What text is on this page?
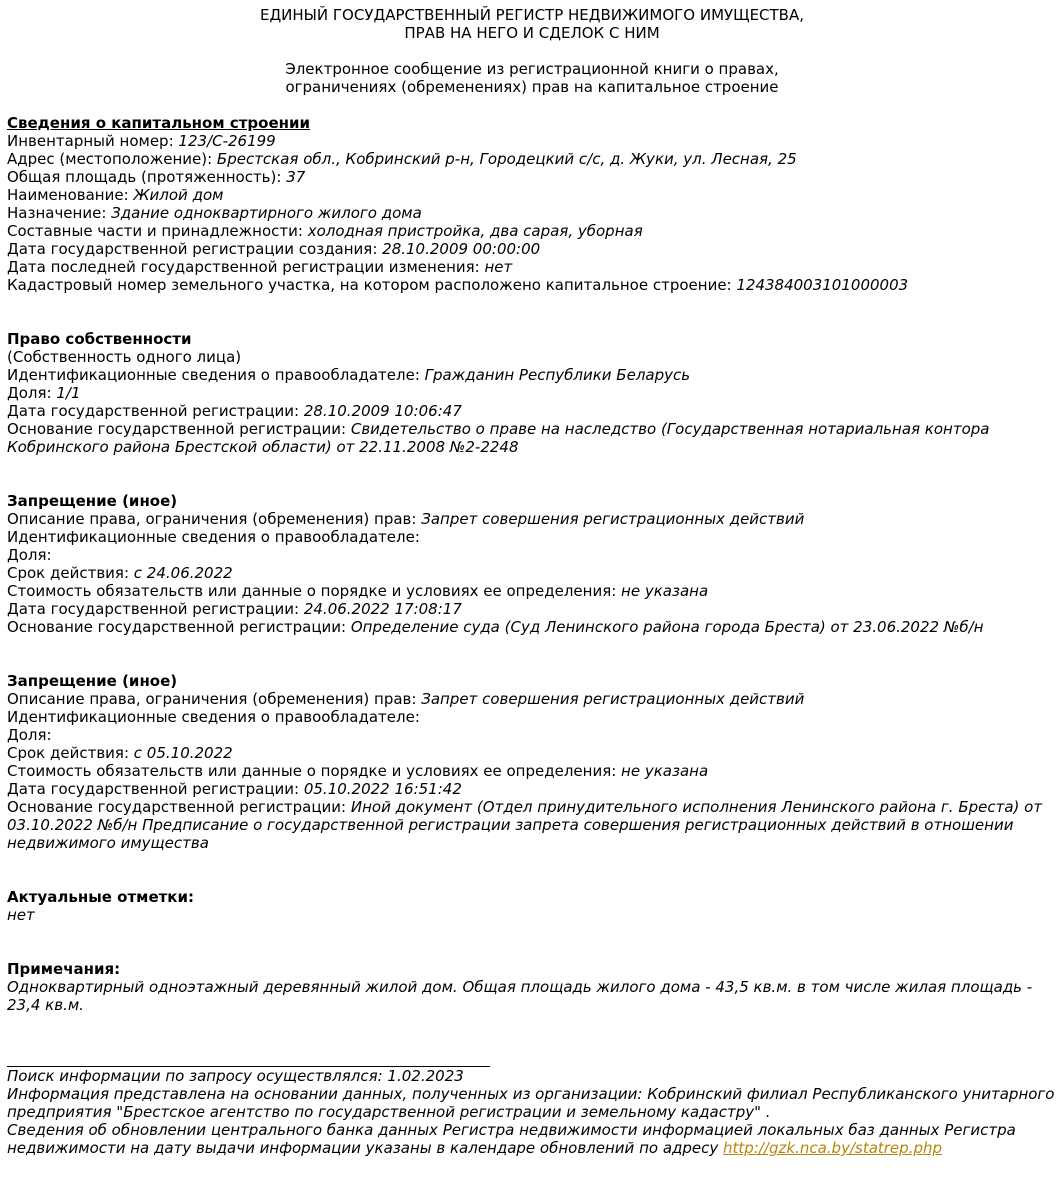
ЕДИНЫЙ ГОСУДАРСТВЕННЫЙ РЕГИСТР НЕДВИЖИМОГО ИМУЩЕСТВА,
ПРАВ НА НЕГО И СДЕЛОК С НИМ
Электронное сообщение из регистрационной книги о правах,
ограничениях (обременениях) прав на капитальное строение
Сведения о капитальном строении
Инвентарный номер: 123/C-26199
Адрес (местоположение): Брестская обл., Кобринский р-н, Городецкий с/с, д. Жуки, ул. Лесная, 25
Общая площадь (протяженность): 37
Наименование: Жилой дом
Назначение: Здание одноквартирного жилого дома
Составные части и принадлежности: холодная пристройка, два сарая, уборная
Дата государственной регистрации создания: 28.10.2009 00:00:00
Дата последней государственной регистрации изменения: нет
Кадастровый номер земельного участка, на котором расположено капитальное строение: 124384003101000003
Право собственности
(Собственность одного лица)
Идентификационные сведения о правообладателе: Гражданин Республики Беларусь
Доля: 1/1
Дата государственной регистрации: 28.10.2009 10:06:47
Основание государственной регистрации: Свидетельство о праве на наследство (Государственная нотариальная контора Кобринского района Брестской области) от 22.11.2008 №2-2248
Запрещение (иное)
Описание права, ограничения (обременения) прав: Запрет совершения регистрационных действий
Идентификационные сведения о правообладателе:
Доля:
Срок действия: с 24.06.2022
Стоимость обязательств или данные о порядке и условиях ее определения: не указана
Дата государственной регистрации: 24.06.2022 17:08:17
Основание государственной регистрации: Определение суда (Суд Ленинского района города Бреста) от 23.06.2022 №б/н
Запрещение (иное)
Описание права, ограничения (обременения) прав: Запрет совершения регистрационных действий
Идентификационные сведения о правообладателе:
Доля:
Срок действия: с 05.10.2022
Стоимость обязательств или данные о порядке и условиях ее определения: не указана
Дата государственной регистрации: 05.10.2022 16:51:42
Основание государственной регистрации: Иной документ (Отдел принудительного исполнения Ленинского района г. Бреста) от 03.10.2022 №б/н Предписание о государственной регистрации запрета совершения регистрационных действий в отношении недвижимого имущества
Актуальные отметки:
нет
Примечания:
Одноквартирный одноэтажный деревянный жилой дом. Общая площадь жилого дома - 43,5 кв.м. в том числе жилая площадь - 23,4 кв.м.
Поиск информации по запросу осуществлялся: 1.02.2023
Информация представлена на основании данных, полученных из организации: Кобринский филиал Республиканского унитарного предприятия "Брестское агентство по государственной регистрации и земельному кадастру" .
Сведения об обновлении центрального банка данных Регистра недвижимости информацией локальных баз данных Регистра недвижимости на дату выдачи информации указаны в календаре обновлений по адресу http://gzk.nca.by/statrep.php
